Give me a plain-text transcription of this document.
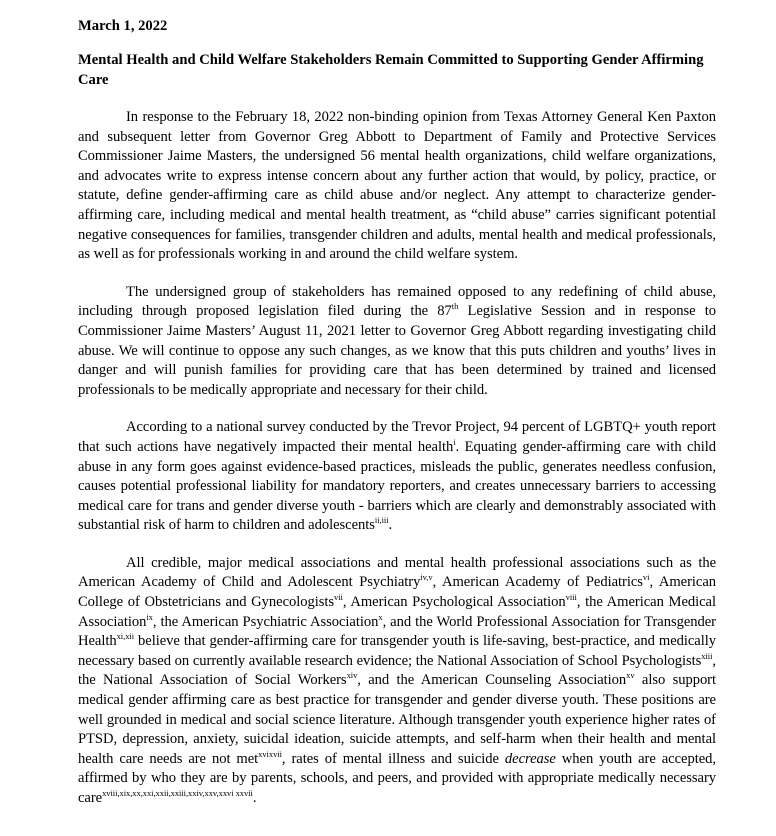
March 1, 2022

Mental Health and Child Welfare Stakeholders Remain Committed to Supporting Gender Affirming Care

In response to the February 18, 2022 non-binding opinion from Texas Attorney General Ken Paxton and subsequent letter from Governor Greg Abbott to Department of Family and Protective Services Commissioner Jaime Masters, the undersigned 56 mental health organizations, child welfare organizations, and advocates write to express intense concern about any further action that would, by policy, practice, or statute, define gender-affirming care as child abuse and/or neglect. Any attempt to characterize gender-affirming care, including medical and mental health treatment, as “child abuse” carries significant potential negative consequences for families, transgender children and adults, mental health and medical professionals, as well as for professionals working in and around the child welfare system.

The undersigned group of stakeholders has remained opposed to any redefining of child abuse, including through proposed legislation filed during the 87th Legislative Session and in response to Commissioner Jaime Masters’ August 11, 2021 letter to Governor Greg Abbott regarding investigating child abuse. We will continue to oppose any such changes, as we know that this puts children and youths’ lives in danger and will punish families for providing care that has been determined by trained and licensed professionals to be medically appropriate and necessary for their child.

According to a national survey conducted by the Trevor Project, 94 percent of LGBTQ+ youth report that such actions have negatively impacted their mental health$^i$. Equating gender-affirming care with child abuse in any form goes against evidence-based practices, misleads the public, generates needless confusion, causes potential professional liability for mandatory reporters, and creates unnecessary barriers to accessing medical care for trans and gender diverse youth - barriers which are clearly and demonstrably associated with substantial risk of harm to children and adolescents$^{ii,iii}$.

All credible, major medical associations and mental health professional associations such as the American Academy of Child and Adolescent Psychiatry$^{iv,v}$, American Academy of Pediatrics$^{vi}$, American College of Obstetricians and Gynecologists$^{vii}$, American Psychological Association$^{viii}$, the American Medical Association$^{ix}$, the American Psychiatric Association$^x$, and the World Professional Association for Transgender Health$^{xi,xii}$ believe that gender-affirming care for transgender youth is life-saving, best-practice, and medically necessary based on currently available research evidence; the National Association of School Psychologists$^{xiii}$, the National Association of Social Workers$^{xiv}$, and the American Counseling Association$^{xv}$ also support medical gender affirming care as best practice for transgender and gender diverse youth. These positions are well grounded in medical and social science literature. Although transgender youth experience higher rates of PTSD, depression, anxiety, suicidal ideation, suicide attempts, and self-harm when their health and mental health care needs are not met$^{xvixvii}$, rates of mental illness and suicide decrease when youth are accepted, affirmed by who they are by parents, schools, and peers, and provided with appropriate medically necessary care$^{xviii,xix,xx,xxi,xxii,xxiii,xxiv,xxv,xxvi xxvii}$.
